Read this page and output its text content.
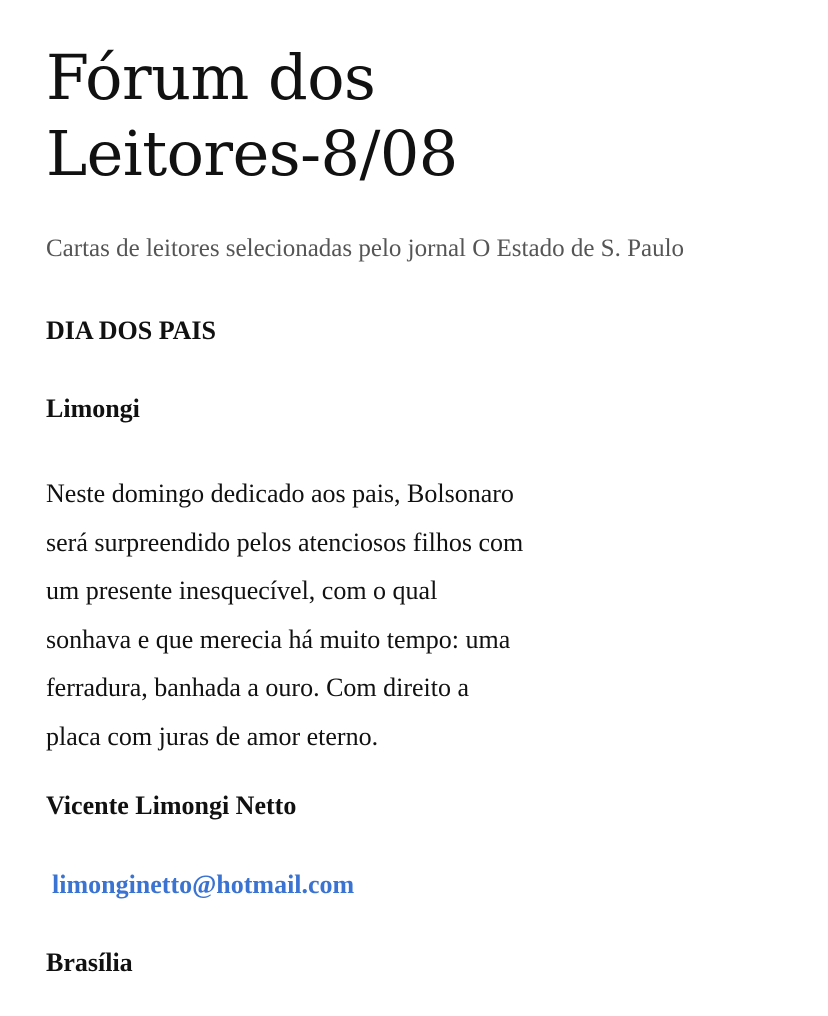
Fórum dos
Leitores-8/08
Cartas de leitores selecionadas pelo jornal O Estado de S. Paulo
DIA DOS PAIS
Limongi
Neste domingo dedicado aos pais, Bolsonaro
será surpreendido pelos atenciosos filhos com
um presente inesquecível, com o qual
sonhava e que merecia há muito tempo: uma
ferradura, banhada a ouro. Com direito a
placa com juras de amor eterno.
Vicente Limongi Netto
limonginetto@hotmail.com
Brasília
